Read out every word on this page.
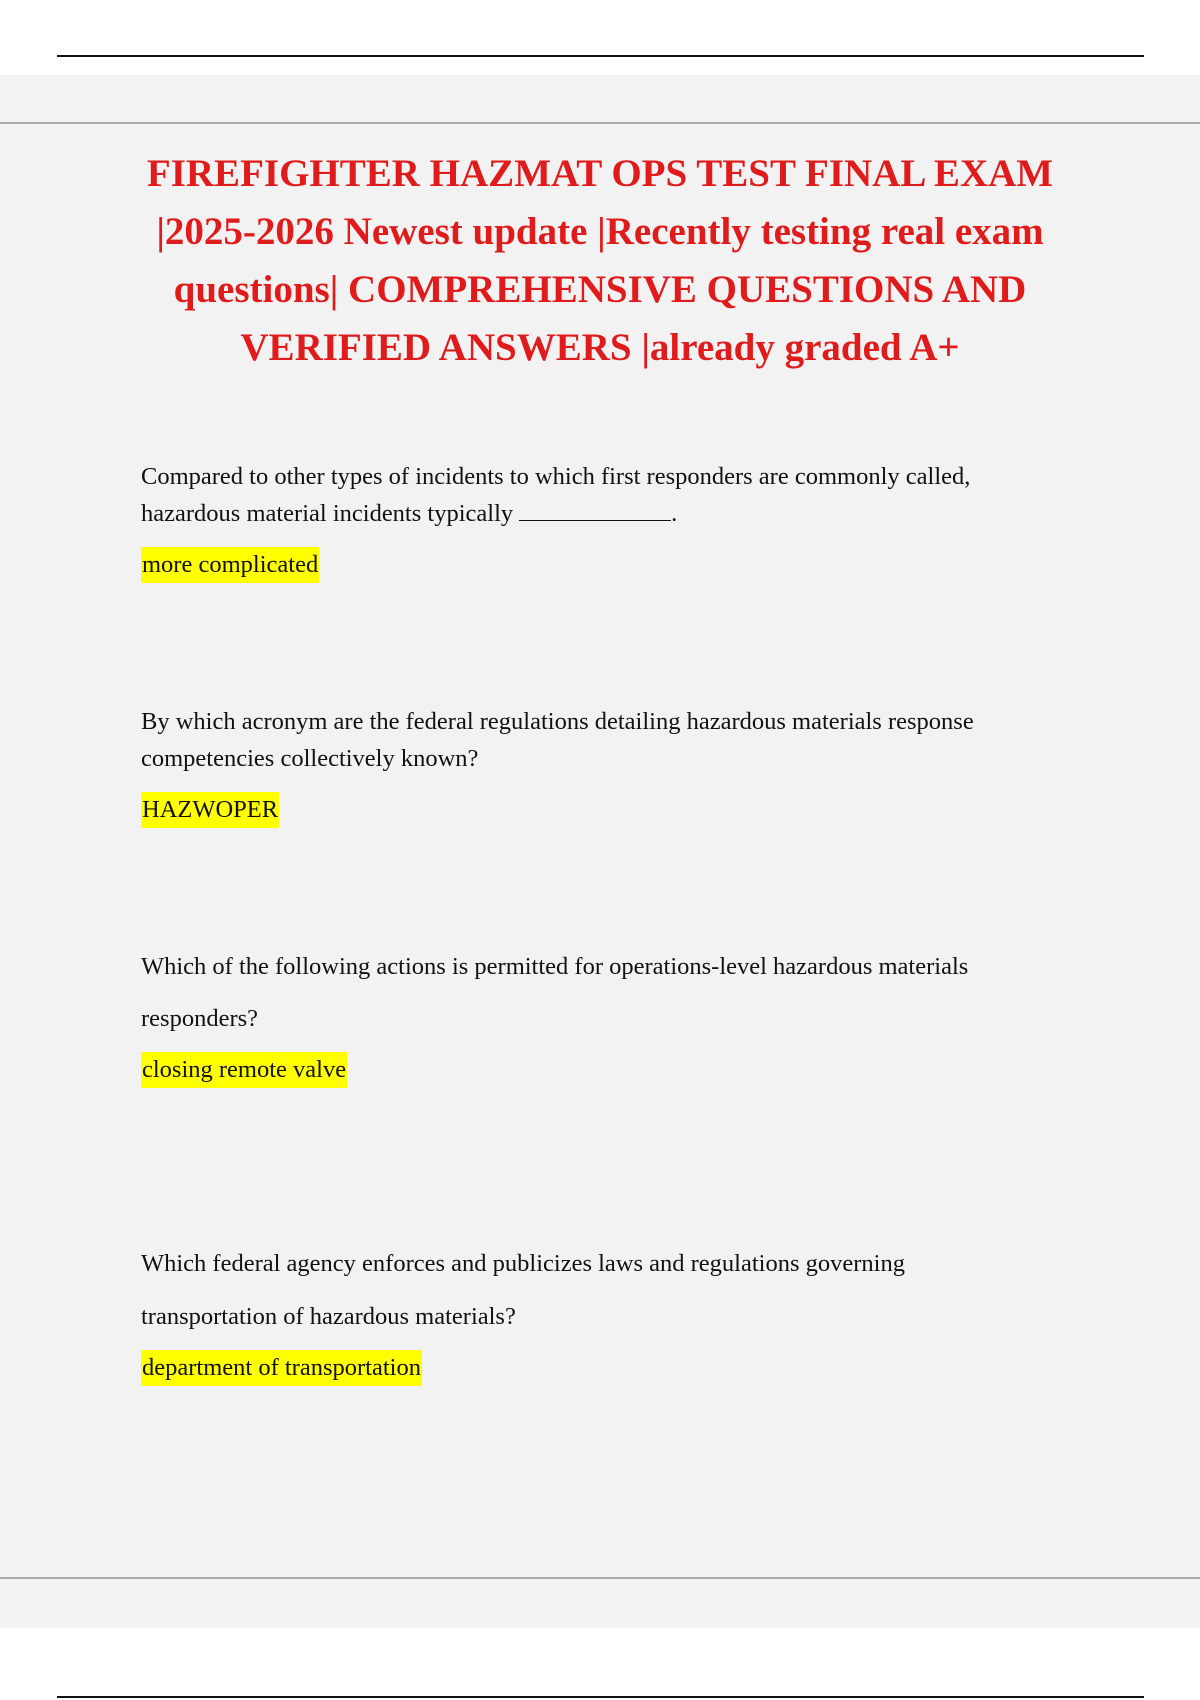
FIREFIGHTER HAZMAT OPS TEST FINAL EXAM |2025-2026 Newest update |Recently testing real exam questions| COMPREHENSIVE QUESTIONS AND VERIFIED ANSWERS |already graded A+

Compared to other types of incidents to which first responders are commonly called, hazardous material incidents typically	.

more complicated

By which acronym are the federal regulations detailing hazardous materials response competencies collectively known?

HAZWOPER

Which of the following actions is permitted for operations-level hazardous materials

responders?

closing remote valve

Which federal agency enforces and publicizes laws and regulations governing

transportation of hazardous materials?

department of transportation
